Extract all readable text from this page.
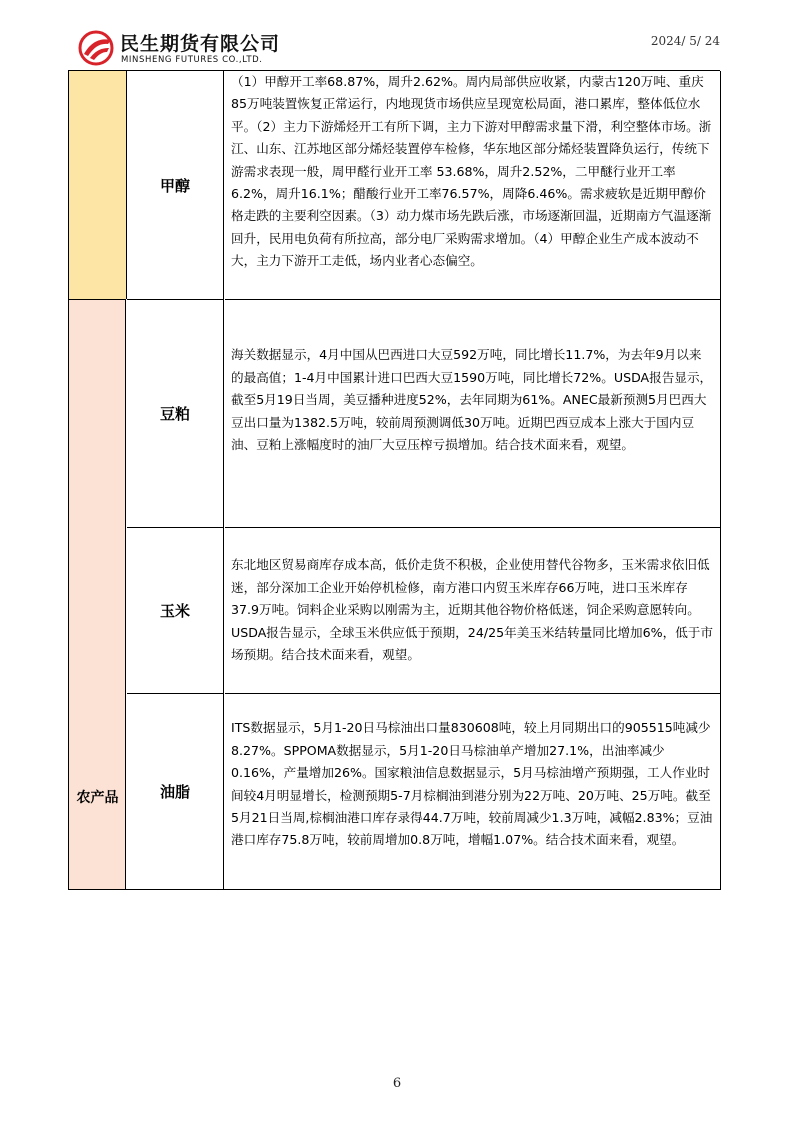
民生期货有限公司
MINSHENG FUTURES CO.,LTD.
2024/ 5/ 24
农产品
甲醇
（1）甲醇开工率68.87%，周升2.62%。周内局部供应收紧，内蒙古120万吨、重庆85万吨装置恢复正常运行，内地现货市场供应呈现宽松局面，港口累库，整体低位水平。（2）主力下游烯烃开工有所下调，主力下游对甲醇需求量下滑，利空整体市场。浙江、山东、江苏地区部分烯烃装置停车检修，华东地区部分烯烃装置降负运行，传统下游需求表现一般，周甲醛行业开工率 53.68%，周升2.52%，二甲醚行业开工率 6.2%，周升16.1%；醋酸行业开工率76.57%，周降6.46%。需求疲软是近期甲醇价格走跌的主要利空因素。（3）动力煤市场先跌后涨，市场逐渐回温，近期南方气温逐渐回升，民用电负荷有所拉高，部分电厂采购需求增加。（4）甲醇企业生产成本波动不大，主力下游开工走低，场内业者心态偏空。
豆粕
海关数据显示，4月中国从巴西进口大豆592万吨，同比增长11.7%，为去年9月以来的最高值；1-4月中国累计进口巴西大豆1590万吨，同比增长72%。USDA报告显示，截至5月19日当周，美豆播种进度52%，去年同期为61%。ANEC最新预测5月巴西大豆出口量为1382.5万吨，较前周预测调低30万吨。近期巴西豆成本上涨大于国内豆油、豆粕上涨幅度时的油厂大豆压榨亏损增加。结合技术面来看，观望。
玉米
东北地区贸易商库存成本高，低价走货不积极，企业使用替代谷物多，玉米需求依旧低迷，部分深加工企业开始停机检修，南方港口内贸玉米库存66万吨，进口玉米库存37.9万吨。饲料企业采购以刚需为主，近期其他谷物价格低迷，饲企采购意愿转向。USDA报告显示，全球玉米供应低于预期，24/25年美玉米结转量同比增加6%，低于市场预期。结合技术面来看，观望。
油脂
ITS数据显示，5月1-20日马棕油出口量830608吨，较上月同期出口的905515吨减少8.27%。SPPOMA数据显示，5月1-20日马棕油单产增加27.1%，出油率减少0.16%，产量增加26%。国家粮油信息数据显示，5月马棕油增产预期强，工人作业时间较4月明显增长，检测预期5-7月棕榈油到港分别为22万吨、20万吨、25万吨。截至5月21日当周,棕榈油港口库存录得44.7万吨，较前周减少1.3万吨，减幅2.83%；豆油港口库存75.8万吨，较前周增加0.8万吨，增幅1.07%。结合技术面来看，观望。
6
